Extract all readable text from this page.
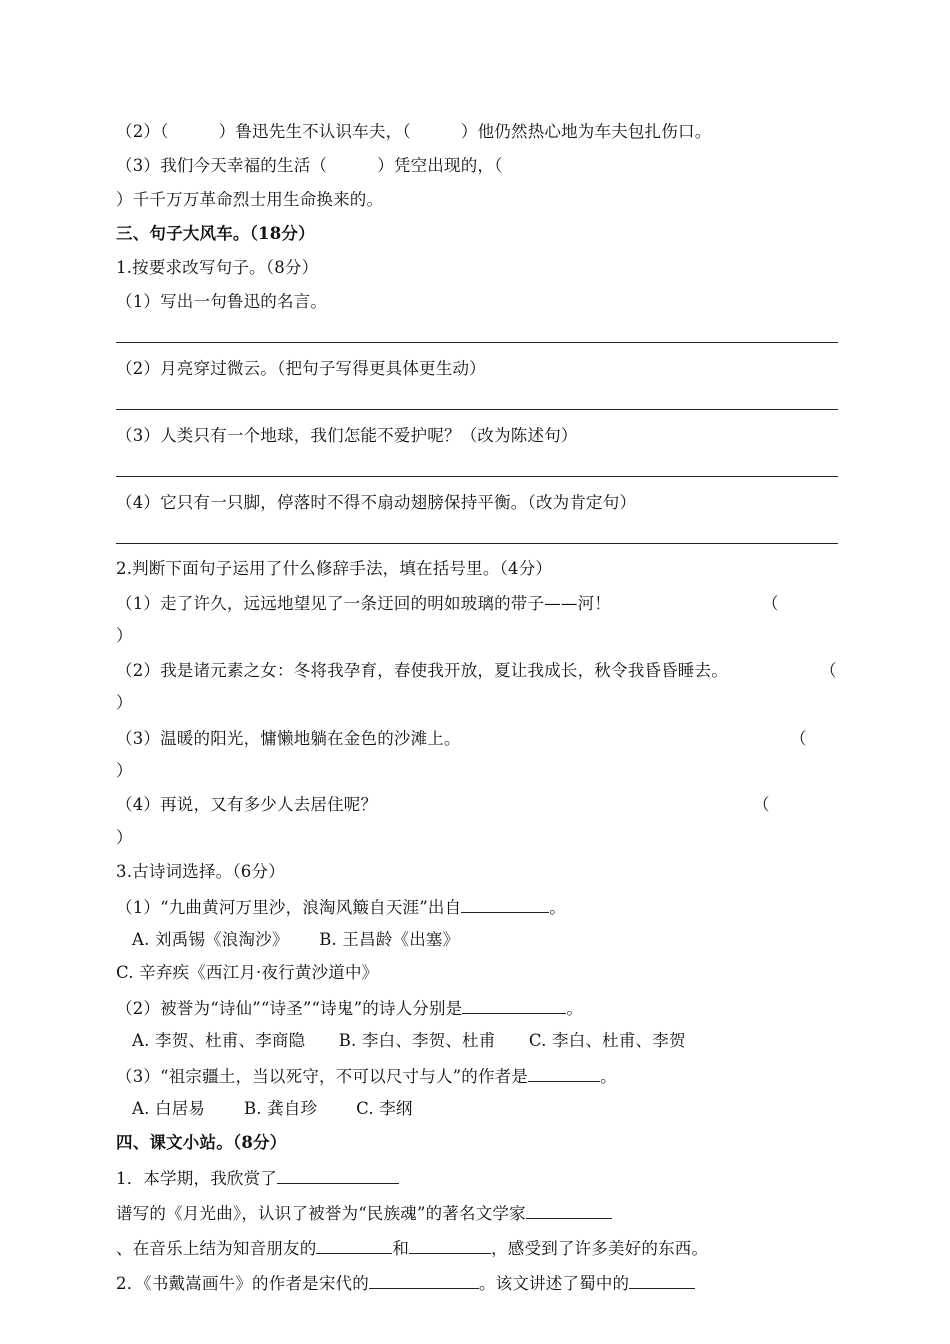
（2）（　　　）鲁迅先生不认识车夫，（　　　）他仍然热心地为车夫包扎伤口。
（3）我们今天幸福的生活（　　　）凭空出现的，（
）千千万万革命烈士用生命换来的。
三、句子大风车。（18分）
1.按要求改写句子。（8分）
（1）写出一句鲁迅的名言。
（2）月亮穿过微云。（把句子写得更具体更生动）
（3）人类只有一个地球，我们怎能不爱护呢？（改为陈述句）
（4）它只有一只脚，停落时不得不扇动翅膀保持平衡。（改为肯定句）
2.判断下面句子运用了什么修辞手法，填在括号里。（4分）
（1）走了许久，远远地望见了一条迂回的明如玻璃的带子——河！	（
）
（2）我是诸元素之女：冬将我孕育，春使我开放，夏让我成长，秋令我昏昏睡去。	（
）
（3）温暖的阳光，慵懒地躺在金色的沙滩上。	（
）
（4）再说，又有多少人去居住呢？	（
）
3.古诗词选择。（6分）
（1）“九曲黄河万里沙，浪淘风簸自天涯”出自	。
A. 刘禹锡《浪淘沙》　　 B. 王昌龄《出塞》
C. 辛弃疾《西江月·夜行黄沙道中》
（2）被誉为“诗仙”“诗圣”“诗鬼”的诗人分别是	。
A. 李贺、杜甫、李商隐　　B. 李白、李贺、杜甫　　C. 李白、杜甫、李贺
（3）“祖宗疆土，当以死守，不可以尺寸与人”的作者是	。
A. 白居易　　 B. 龚自珍　　 C. 李纲
四、课文小站。（8分）
1．本学期，我欣赏了
谱写的《月光曲》，认识了被誉为“民族魂”的著名文学家
、在音乐上结为知音朋友的	和	，感受到了许多美好的东西。
2．《书戴嵩画牛》的作者是宋代的	。该文讲述了蜀中的
